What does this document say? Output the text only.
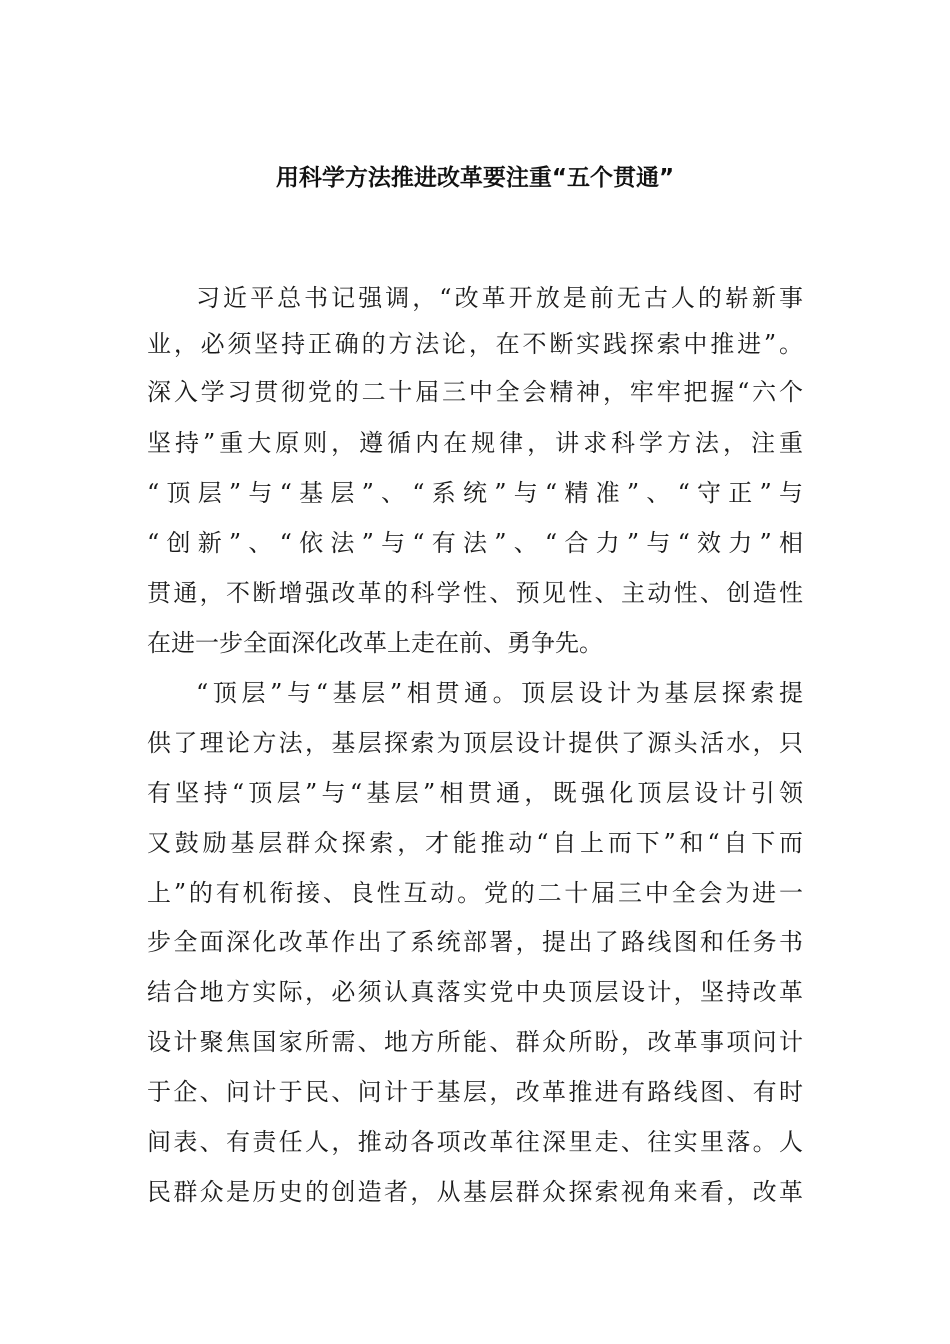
用科学方法推进改革要注重“五个贯通”
习近平总书记强调，“改革开放是前无古人的崭新事
业，必须坚持正确的方法论，在不断实践探索中推进”。
深入学习贯彻党的二十届三中全会精神，牢牢把握“六个
坚持”重大原则，遵循内在规律，讲求科学方法，注重
“顶层”与“基层”、“系统”与“精准”、“守正”与
“创新”、“依法”与“有法”、“合力”与“效力”相
贯通，不断增强改革的科学性、预见性、主动性、创造性
在进一步全面深化改革上走在前、勇争先。
“顶层”与“基层”相贯通。顶层设计为基层探索提
供了理论方法，基层探索为顶层设计提供了源头活水，只
有坚持“顶层”与“基层”相贯通，既强化顶层设计引领
又鼓励基层群众探索，才能推动“自上而下”和“自下而
上”的有机衔接、良性互动。党的二十届三中全会为进一
步全面深化改革作出了系统部署，提出了路线图和任务书
结合地方实际，必须认真落实党中央顶层设计，坚持改革
设计聚焦国家所需、地方所能、群众所盼，改革事项问计
于企、问计于民、问计于基层，改革推进有路线图、有时
间表、有责任人，推动各项改革往深里走、往实里落。人
民群众是历史的创造者，从基层群众探索视角来看，改革
